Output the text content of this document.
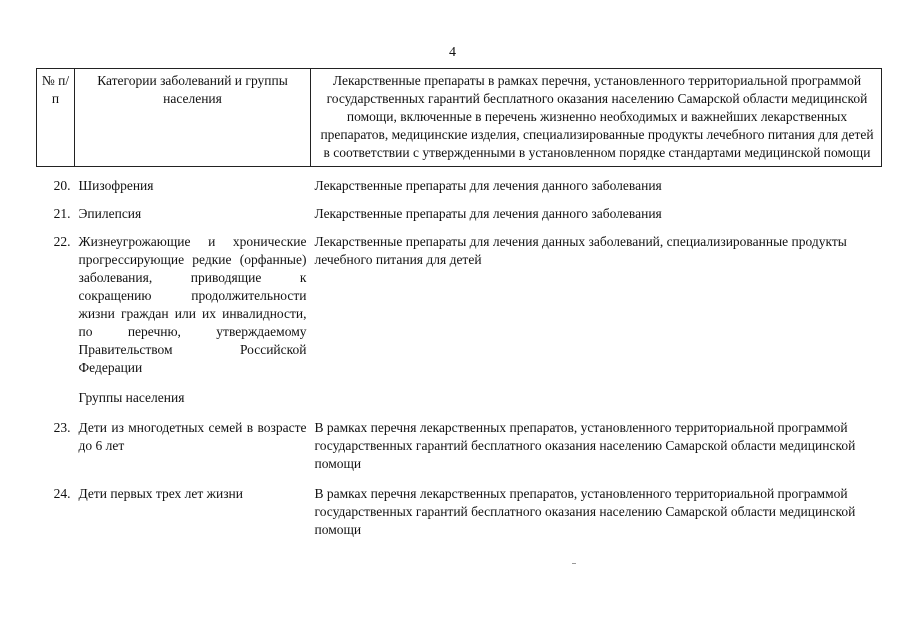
4
№ п/п	Категории заболеваний и группы населения	Лекарственные препараты в рамках перечня, установленного территориальной программой государственных гарантий бесплатного оказания населению Самарской области медицинской помощи, включенные в перечень жизненно необходимых и важнейших лекарственных препаратов, медицинские изделия, специализированные продукты лечебного питания для детей в соответствии с утвержденными в установленном порядке стандартами медицинской помощи
20.	Шизофрения	Лекарственные препараты для лечения данного заболевания
21.	Эпилепсия	Лекарственные препараты для лечения данного заболевания
22.	Жизнеугрожающие и хронические прогрессирующие редкие (орфанные) заболевания, приводящие к сокращению продолжительности жизни граждан или их инвалидности, по перечню, утверждаемому Правительством Российской Федерации	Лекарственные препараты для лечения данных заболеваний, специализированные продукты лечебного питания для детей
	Группы населения	
23.	Дети из многодетных семей в возрасте до 6 лет	В рамках перечня лекарственных препаратов, установленного территориальной программой государственных гарантий бесплатного оказания населению Самарской области медицинской помощи
24.	Дети первых трех лет жизни	В рамках перечня лекарственных препаратов, установленного территориальной программой государственных гарантий бесплатного оказания населению Самарской области медицинской помощи
